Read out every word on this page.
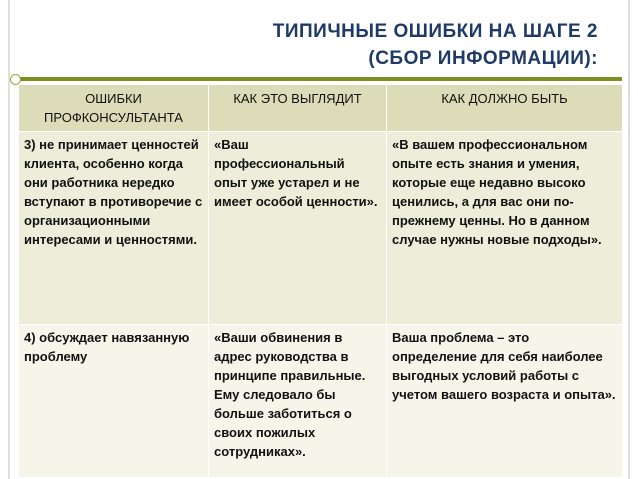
ТИПИЧНЫЕ ОШИБКИ НА ШАГЕ 2
(СБОР ИНФОРМАЦИИ):
ОШИБКИ ПРОФКОНСУЛЬТАНТА	КАК ЭТО ВЫГЛЯДИТ	КАК ДОЛЖНО БЫТЬ
3) не принимает ценностей клиента, особенно когда они работника нередко вступают в противоречие с организационными интересами и ценностями.	«Ваш профессиональный опыт уже устарел и не имеет особой ценности».	«В вашем профессиональном опыте есть знания и умения, которые еще недавно высоко ценились, а для вас они по-прежнему ценны. Но в данном случае нужны новые подходы».
4) обсуждает навязанную проблему	«Ваши обвинения в адрес руководства в принципе правильные. Ему следовало бы больше заботиться о своих пожилых сотрудниках».	Ваша проблема – это определение для себя наиболее выгодных условий работы с учетом вашего возраста и опыта».
